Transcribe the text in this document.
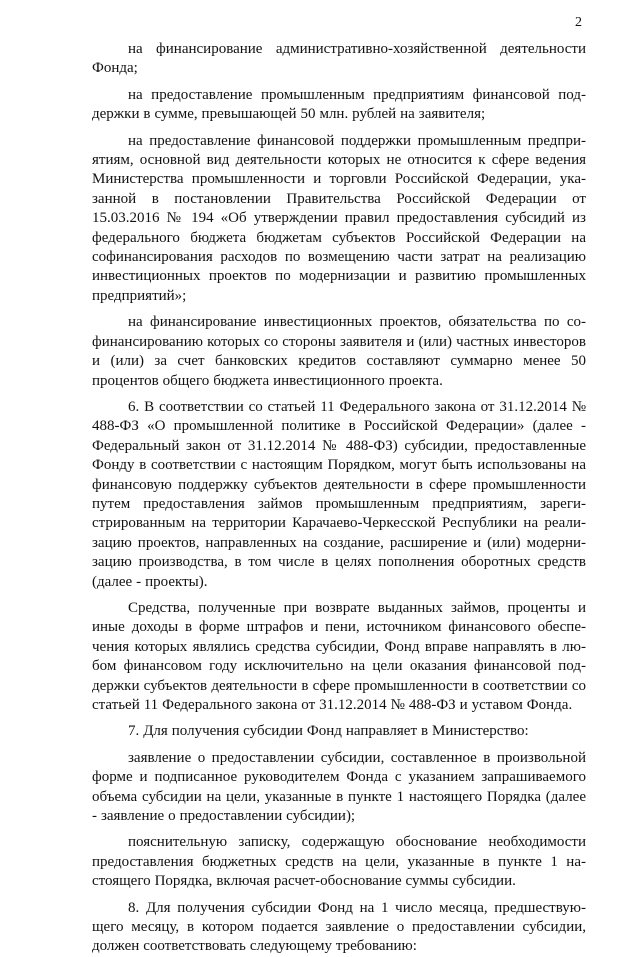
2

на финансирование административно-хозяйственной деятельности Фонда;

на предоставление промышленным предприятиям финансовой поддержки в сумме, превышающей 50 млн. рублей на заявителя;

на предоставление финансовой поддержки промышленным предприятиям, основной вид деятельности которых не относится к сфере ведения Министерства промышленности и торговли Российской Федерации, указанной в постановлении Правительства Российской Федерации от 15.03.2016 № 194 «Об утверждении правил предоставления субсидий из федерального бюджета бюджетам субъектов Российской Федерации на софинансирования расходов по возмещению части затрат на реализацию инвестиционных проектов по модернизации и развитию промышленных предприятий»;

на финансирование инвестиционных проектов, обязательства по софинансированию которых со стороны заявителя и (или) частных инвесторов и (или) за счет банковских кредитов составляют суммарно менее 50 процентов общего бюджета инвестиционного проекта.

6. В соответствии со статьей 11 Федерального закона от 31.12.2014 № 488-ФЗ «О промышленной политике в Российской Федерации» (далее - Федеральный закон от 31.12.2014 № 488-ФЗ) субсидии, предоставленные Фонду в соответствии с настоящим Порядком, могут быть использованы на финансовую поддержку субъектов деятельности в сфере промышленности путем предоставления займов промышленным предприятиям, зарегистрированным на территории Карачаево-Черкесской Республики на реализацию проектов, направленных на создание, расширение и (или) модернизацию производства, в том числе в целях пополнения оборотных средств (далее - проекты).

Средства, полученные при возврате выданных займов, проценты и иные доходы в форме штрафов и пени, источником финансового обеспечения которых являлись средства субсидии, Фонд вправе направлять в любом финансовом году исключительно на цели оказания финансовой поддержки субъектов деятельности в сфере промышленности в соответствии со статьей 11 Федерального закона от 31.12.2014 № 488-ФЗ и уставом Фонда.

7. Для получения субсидии Фонд направляет в Министерство:

заявление о предоставлении субсидии, составленное в произвольной форме и подписанное руководителем Фонда с указанием запрашиваемого объема субсидии на цели, указанные в пункте 1 настоящего Порядка (далее - заявление о предоставлении субсидии);

пояснительную записку, содержащую обоснование необходимости предоставления бюджетных средств на цели, указанные в пункте 1 настоящего Порядка, включая расчет-обоснование суммы субсидии.

8. Для получения субсидии Фонд на 1 число месяца, предшествующего месяцу, в котором подается заявление о предоставлении субсидии, должен соответствовать следующему требованию:
